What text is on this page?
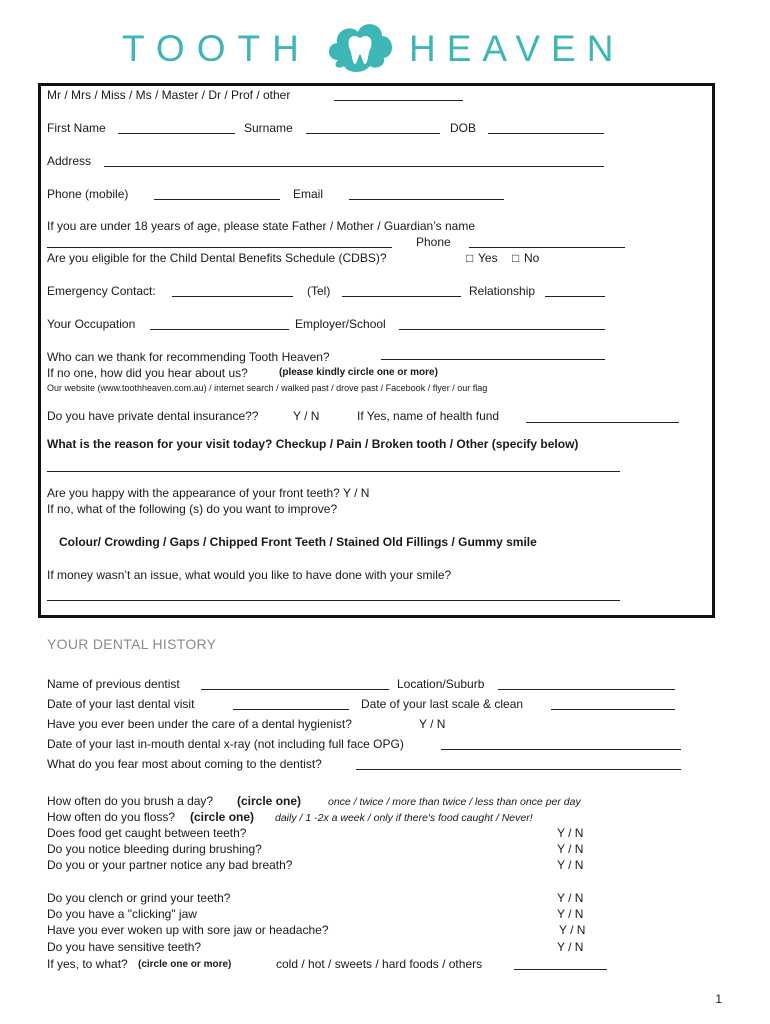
TOOTH	HEAVEN
Mr / Mrs / Miss / Ms / Master / Dr / Prof / other
First Name	Surname	DOB
Address
Phone (mobile)	Email
If you are under 18 years of age, please state Father / Mother / Guardian’s name
Phone
Are you eligible for the Child Dental Benefits Schedule (CDBS)?	□ Yes □ No
Emergency Contact:	(Tel)	Relationship
Your Occupation	Employer/School
Who can we thank for recommending Tooth Heaven?
If no one, how did you hear about us?	(please kindly circle one or more)
Our website (www.toothheaven.com.au) / internet search / walked past / drove past / Facebook / flyer / our flag
Do you have private dental insurance??	Y / N	If Yes, name of health fund
What is the reason for your visit today? Checkup / Pain / Broken tooth / Other (specify below)
Are you happy with the appearance of your front teeth? Y / N
If no, what of the following (s) do you want to improve?
Colour/ Crowding / Gaps / Chipped Front Teeth / Stained Old Fillings / Gummy smile
If money wasn’t an issue, what would you like to have done with your smile?
YOUR DENTAL HISTORY
Name of previous dentist	Location/Suburb
Date of your last dental visit	Date of your last scale & clean
Have you ever been under the care of a dental hygienist?	Y / N
Date of your last in-mouth dental x-ray (not including full face OPG)
What do you fear most about coming to the dentist?
How often do you brush a day? (circle one)	once / twice / more than twice / less than once per day
How often do you floss? (circle one) daily / 1 -2x a week / only if there's food caught / Never!
Does food get caught between teeth?	Y / N
Do you notice bleeding during brushing?	Y / N
Do you or your partner notice any bad breath?	Y / N
Do you clench or grind your teeth?	Y / N
Do you have a "clicking" jaw	Y / N
Have you ever woken up with sore jaw or headache?	Y / N
Do you have sensitive teeth?	Y / N
If yes, to what? (circle one or more)	cold / hot / sweets / hard foods / others
1
